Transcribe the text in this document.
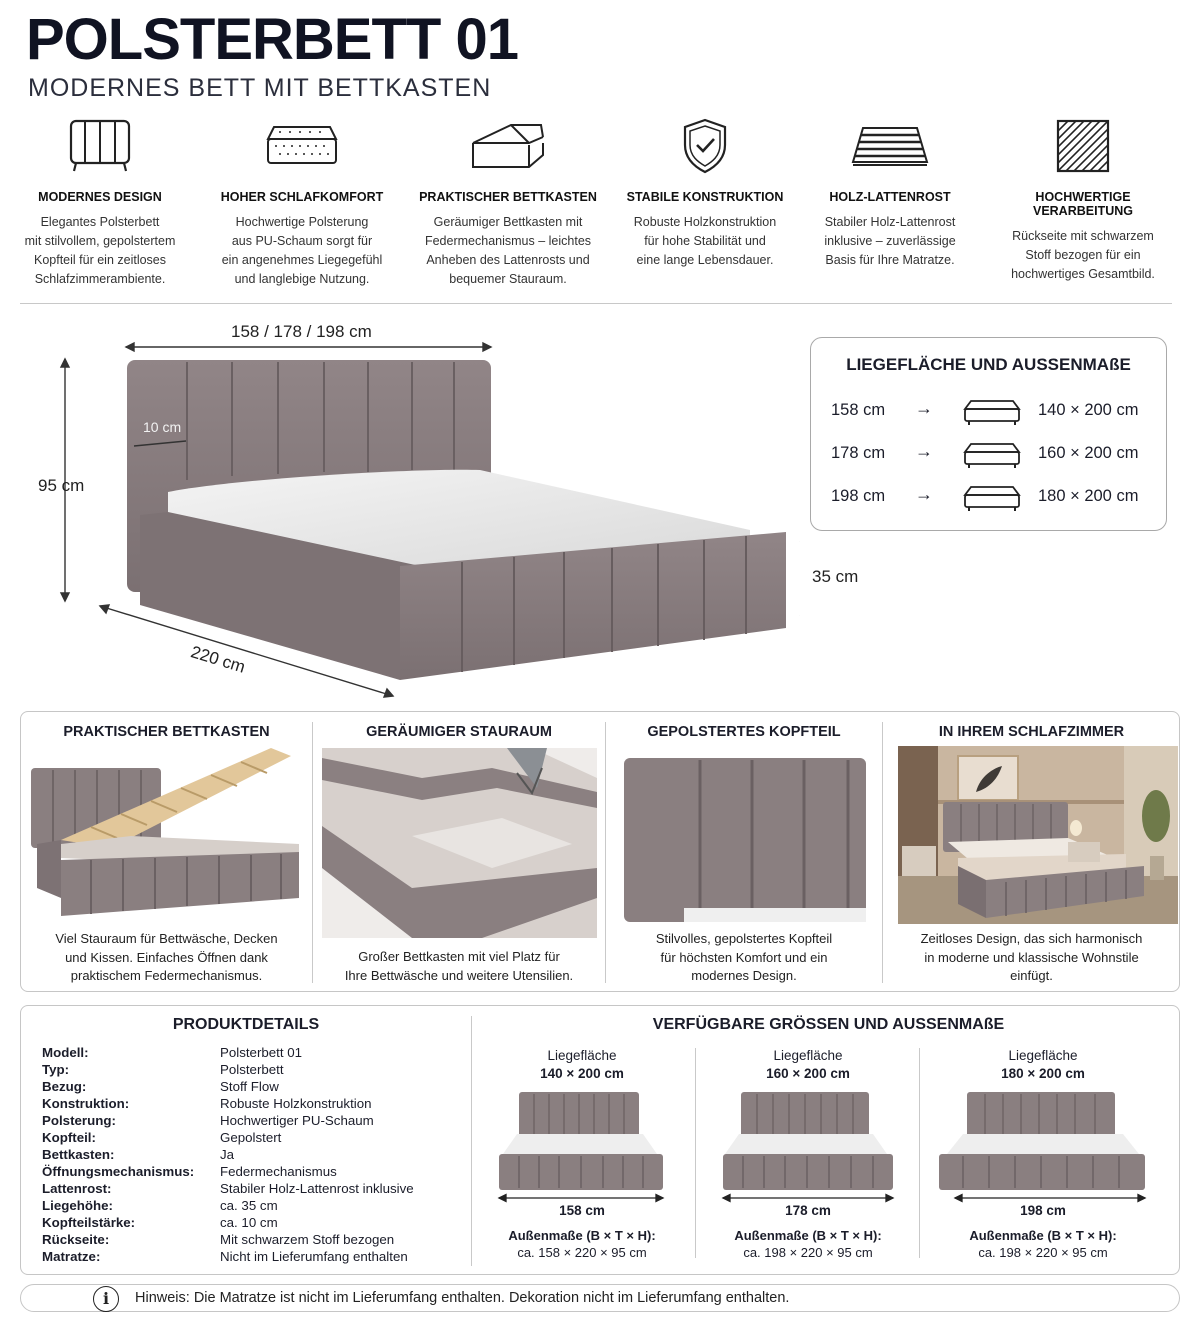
POLSTERBETT 01
MODERNES BETT MIT BETTKASTEN
MODERNES DESIGN
Elegantes Polsterbett
mit stilvollem, gepolstertem
Kopfteil für ein zeitloses
Schlafzimmerambiente.
HOHER SCHLAFKOMFORT
Hochwertige Polsterung
aus PU-Schaum sorgt für
ein angenehmes Liegegefühl
und langlebige Nutzung.
PRAKTISCHER BETTKASTEN
Geräumiger Bettkasten mit
Federmechanismus – leichtes
Anheben des Lattenrosts und
bequemer Stauraum.
STABILE KONSTRUKTION
Robuste Holzkonstruktion
für hohe Stabilität und
eine lange Lebensdauer.
HOLZ-LATTENROST
Stabiler Holz-Lattenrost
inklusive – zuverlässige
Basis für Ihre Matratze.
HOCHWERTIGE VERARBEITUNG
Rückseite mit schwarzem
Stoff bezogen für ein
hochwertiges Gesamtbild.
158 / 178 / 198 cm
95 cm
220 cm
35 cm
10 cm
LIEGEFLÄCHE UND AUSSENMAßE
158 cm →	140 × 200 cm
178 cm →	160 × 200 cm
198 cm →	180 × 200 cm
PRAKTISCHER BETTKASTEN
Viel Stauraum für Bettwäsche, Decken
und Kissen. Einfaches Öffnen dank
praktischem Federmechanismus.
GERÄUMIGER STAURAUM
Großer Bettkasten mit viel Platz für
Ihre Bettwäsche und weitere Utensilien.
GEPOLSTERTES KOPFTEIL
Stilvolles, gepolstertes Kopfteil
für höchsten Komfort und ein
modernes Design.
IN IHREM SCHLAFZIMMER
Zeitloses Design, das sich harmonisch
in moderne und klassische Wohnstile
einfügt.
PRODUKTDETAILS
Modell:	Polsterbett 01
Typ:	Polsterbett
Bezug:	Stoff Flow
Konstruktion:	Robuste Holzkonstruktion
Polsterung:	Hochwertiger PU-Schaum
Kopfteil:	Gepolstert
Bettkasten:	Ja
Öffnungsmechanismus:	Federmechanismus
Lattenrost:	Stabiler Holz-Lattenrost inklusive
Liegehöhe:	ca. 35 cm
Kopfteilstärke:	ca. 10 cm
Rückseite:	Mit schwarzem Stoff bezogen
Matratze:	Nicht im Lieferumfang enthalten
VERFÜGBARE GRÖSSEN UND AUSSENMAßE
Liegefläche
140 × 200 cm
158 cm
Außenmaße (B × T × H):
ca. 158 × 220 × 95 cm
Liegefläche
160 × 200 cm
178 cm
Außenmaße (B × T × H):
ca. 198 × 220 × 95 cm
Liegefläche
180 × 200 cm
198 cm
Außenmaße (B × T × H):
ca. 198 × 220 × 95 cm
i	Hinweis: Die Matratze ist nicht im Lieferumfang enthalten. Dekoration nicht im Lieferumfang enthalten.
